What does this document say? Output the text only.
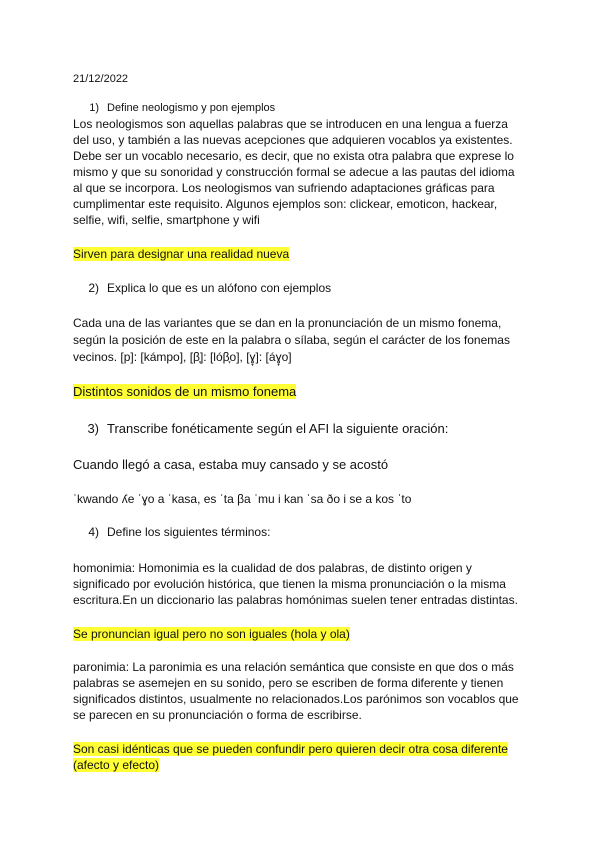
21/12/2022

1) Define neologismo y pon ejemplos

Los neologismos son aquellas palabras que se introducen en una lengua a fuerza del uso, y también a las nuevas acepciones que adquieren vocablos ya existentes. Debe ser un vocablo necesario, es decir, que no exista otra palabra que exprese lo mismo y que su sonoridad y construcción formal se adecue a las pautas del idioma al que se incorpora. Los neologismos van sufriendo adaptaciones gráficas para cumplimentar este requisito. Algunos ejemplos son: clickear, emoticon, hackear, selfie, wifi, selfie, smartphone y wifi

Sirven para designar una realidad nueva
2) Explica lo que es un alófono con ejemplos

Cada una de las variantes que se dan en la pronunciación de un mismo fonema, según la posición de este en la palabra o sílaba, según el carácter de los fonemas vecinos. [p]: [kámpo], [β̞]: [lóβ̞o], [ɣ̞]: [áɣ̞o]

Distintos sonidos de un mismo fonema
3) Transcribe fonéticamente según el AFI la siguiente oración:

Cuando llegó a casa, estaba muy cansado y se acostó

ˈkwando ʎe ˈɣo a ˈkasa, es ˈta βa ˈmu i kan ˈsa ðo i se a kos ˈto

4) Define los siguientes términos:

homonimia: Homonimia es la cualidad de dos palabras, de distinto origen y significado por evolución histórica, que tienen la misma pronunciación o la misma escritura.En un diccionario las palabras homónimas suelen tener entradas distintas.

Se pronuncian igual pero no son iguales (hola y ola)

paronimia: La paronimia es una relación semántica que consiste en que dos o más palabras se asemejen en su sonido, pero se escriben de forma diferente y tienen significados distintos, usualmente no relacionados.Los parónimos son vocablos que se parecen en su pronunciación o forma de escribirse.

Son casi idénticas que se pueden confundir pero quieren decir otra cosa diferente (afecto y efecto)
